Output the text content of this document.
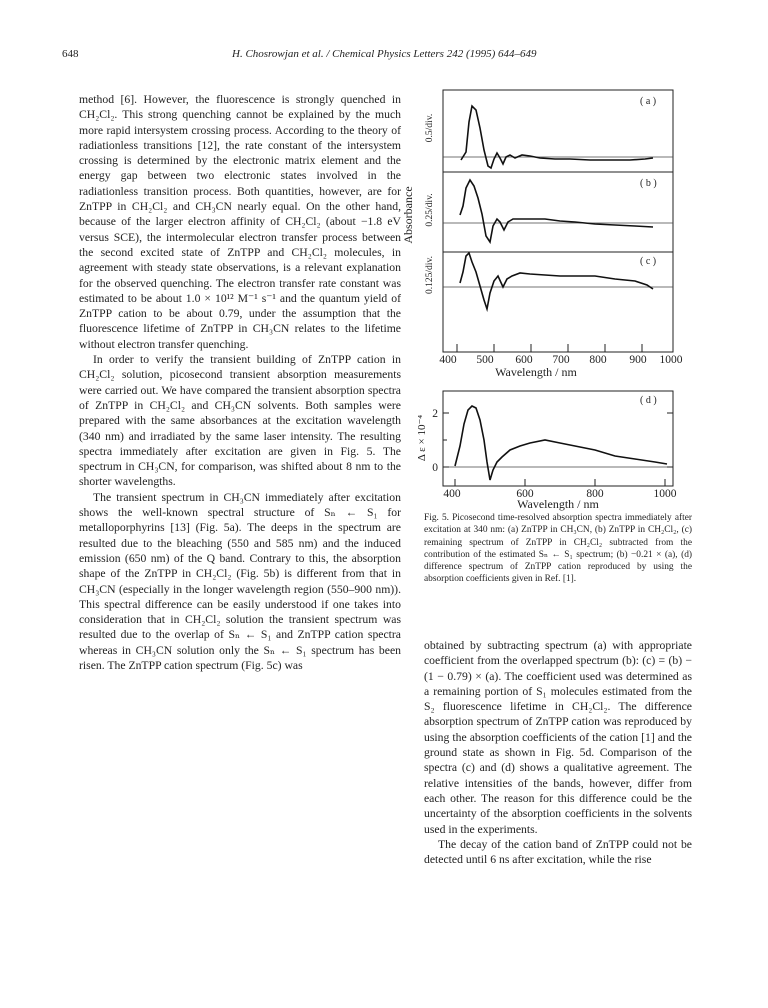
648	H. Chosrowjan et al. / Chemical Physics Letters 242 (1995) 644–649

method [6]. However, the fluorescence is strongly quenched in CH₂Cl₂. This strong quenching cannot be explained by the much more rapid intersystem crossing process. According to the theory of radiationless transitions [12], the rate constant of the intersystem crossing is determined by the electronic matrix element and the energy gap between two electronic states involved in the radiationless transition process. Both quantities, however, are for ZnTPP in CH₂Cl₂ and CH₃CN nearly equal. On the other hand, because of the larger electron affinity of CH₂Cl₂ (about −1.8 eV versus SCE), the intermolecular electron transfer process between the second excited state of ZnTPP and CH₂Cl₂ molecules, in agreement with steady state observations, is a relevant explanation for the observed quenching. The electron transfer rate constant was estimated to be about 1.0 × 10¹² M⁻¹ s⁻¹ and the quantum yield of ZnTPP cation to be about 0.79, under the assumption that the fluorescence lifetime of ZnTPP in CH₃CN relates to the lifetime without electron transfer quenching.

In order to verify the transient building of ZnTPP cation in CH₂Cl₂ solution, picosecond transient absorption measurements were carried out. We have compared the transient absorption spectra of ZnTPP in CH₂Cl₂ and CH₃CN solvents. Both samples were prepared with the same absorbances at the excitation wavelength (340 nm) and irradiated by the same laser intensity. The resulting spectra immediately after excitation are given in Fig. 5. The spectrum in CH₃CN, for comparison, was shifted about 8 nm to the shorter wavelengths.

The transient spectrum in CH₃CN immediately after excitation shows the well-known spectral structure of Sₙ ← S₁ for metalloporphyrins [13] (Fig. 5a). The deeps in the spectrum are resulted due to the bleaching (550 and 585 nm) and the induced emission (650 nm) of the Q band. Contrary to this, the absorption shape of the ZnTPP in CH₂Cl₂ (Fig. 5b) is different from that in CH₃CN (especially in the longer wavelength region (550–900 nm)). This spectral difference can be easily understood if one takes into consideration that in CH₂Cl₂ solution the transient spectrum was resulted due to the overlap of Sₙ ← S₁ and ZnTPP cation spectra whereas in CH₃CN solution only the Sₙ ← S₁ spectrum has been risen. The ZnTPP cation spectrum (Fig. 5c) was

obtained by subtracting spectrum (a) with appropriate coefficient from the overlapped spectrum (b): (c) = (b) − (1 − 0.79) × (a). The coefficient used was determined as a remaining portion of S₁ molecules estimated from the S₂ fluorescence lifetime in CH₂Cl₂. The difference absorption spectrum of ZnTPP cation was reproduced by using the absorption coefficients of the cation [1] and the ground state as shown in Fig. 5d. Comparison of the spectra (c) and (d) shows a qualitative agreement. The relative intensities of the bands, however, differ from each other. The reason for this difference could be the uncertainty of the absorption coefficients in the solvents used in the experiments.

The decay of the cation band of ZnTPP could not be detected until 6 ns after excitation, while the rise

400 500 600 700 800 900 1000
Wavelength / nm
( a )
( b )
( c )
Absorbance
0.5/div.
0.25/div.
0.125/div.
( d )
2
0
Δ ε × 10⁻⁴
400	600	800	1000
Wavelength / nm
Fig. 5. Picosecond time-resolved absorption spectra immediately after excitation at 340 nm: (a) ZnTPP in CH₃CN, (b) ZnTPP in CH₂Cl₂, (c) remaining spectrum of ZnTPP in CH₂Cl₂ subtracted from the contribution of the estimated Sₙ ← S₁ spectrum; (b) −0.21 × (a), (d) difference spectrum of ZnTPP cation reproduced by using the absorption coefficients given in Ref. [1].
